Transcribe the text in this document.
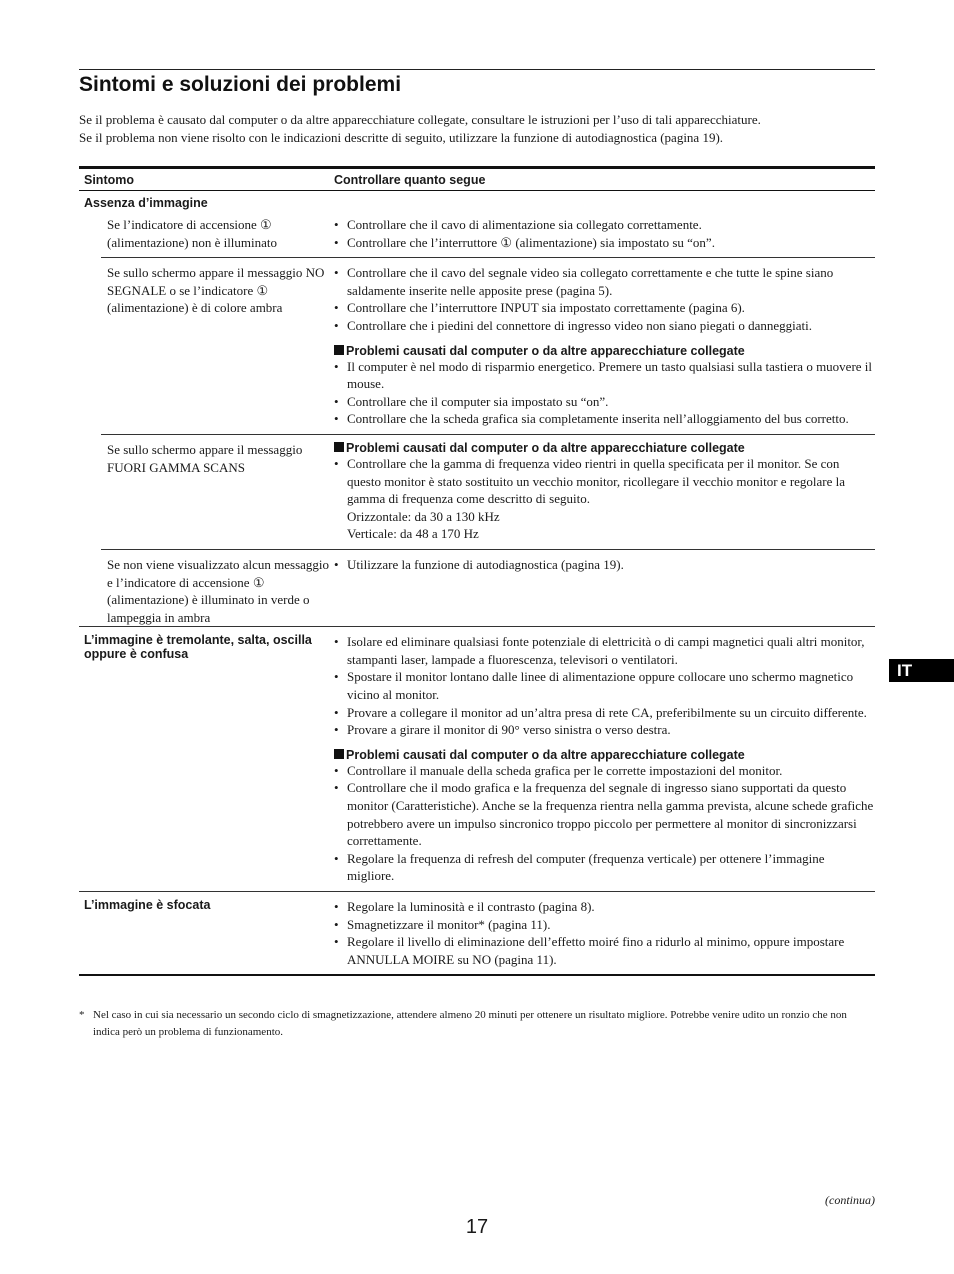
Sintomi e soluzioni dei problemi

Se il problema è causato dal computer o da altre apparecchiature collegate, consultare le istruzioni per l’uso di tali apparecchiature.

Se il problema non viene risolto con le indicazioni descritte di seguito, utilizzare la funzione di autodiagnostica (pagina 19).

Sintomo	Controllare quanto segue
Assenza d’immagine
Se l’indicatore di accensione ① (alimentazione) non è illuminato
• Controllare che il cavo di alimentazione sia collegato correttamente.
• Controllare che l’interruttore ① (alimentazione) sia impostato su “on”.
Se sullo schermo appare il messaggio NO SEGNALE o se l’indicatore ① (alimentazione) è di colore ambra
• Controllare che il cavo del segnale video sia collegato correttamente e che tutte le spine siano saldamente inserite nelle apposite prese (pagina 5).
• Controllare che l’interruttore INPUT sia impostato correttamente (pagina 6).
• Controllare che i piedini del connettore di ingresso video non siano piegati o danneggiati.
Problemi causati dal computer o da altre apparecchiature collegate
• Il computer è nel modo di risparmio energetico. Premere un tasto qualsiasi sulla tastiera o muovere il mouse.
• Controllare che il computer sia impostato su “on”.
• Controllare che la scheda grafica sia completamente inserita nell’alloggiamento del bus corretto.
Se sullo schermo appare il messaggio FUORI GAMMA SCANS
Problemi causati dal computer o da altre apparecchiature collegate
• Controllare che la gamma di frequenza video rientri in quella specificata per il monitor. Se con questo monitor è stato sostituito un vecchio monitor, ricollegare il vecchio monitor e regolare la gamma di frequenza come descritto di seguito.
Orizzontale: da 30 a 130 kHz
Verticale: da 48 a 170 Hz
Se non viene visualizzato alcun messaggio e l’indicatore di accensione ① (alimentazione) è illuminato in verde o lampeggia in ambra
• Utilizzare la funzione di autodiagnostica (pagina 19).
L’immagine è tremolante, salta, oscilla oppure è confusa
• Isolare ed eliminare qualsiasi fonte potenziale di elettricità o di campi magnetici quali altri monitor, stampanti laser, lampade a fluorescenza, televisori o ventilatori.
• Spostare il monitor lontano dalle linee di alimentazione oppure collocare uno schermo magnetico vicino al monitor.
• Provare a collegare il monitor ad un’altra presa di rete CA, preferibilmente su un circuito differente.
• Provare a girare il monitor di 90° verso sinistra o verso destra.
Problemi causati dal computer o da altre apparecchiature collegate
• Controllare il manuale della scheda grafica per le corrette impostazioni del monitor.
• Controllare che il modo grafica e la frequenza del segnale di ingresso siano supportati da questo monitor (Caratteristiche). Anche se la frequenza rientra nella gamma prevista, alcune schede grafiche potrebbero avere un impulso sincronico troppo piccolo per permettere al monitor di sincronizzarsi correttamente.
• Regolare la frequenza di refresh del computer (frequenza verticale) per ottenere l’immagine migliore.
L’immagine è sfocata	• Regolare la luminosità e il contrasto (pagina 8).
• Smagnetizzare il monitor* (pagina 11).
• Regolare il livello di eliminazione dell’effetto moiré fino a ridurlo al minimo, oppure impostare ANNULLA MOIRE su NO (pagina 11).
* Nel caso in cui sia necessario un secondo ciclo di smagnetizzazione, attendere almeno 20 minuti per ottenere un risultato migliore. Potrebbe venire udito un ronzio che non indica però un problema di funzionamento.
IT
(continua)
17
